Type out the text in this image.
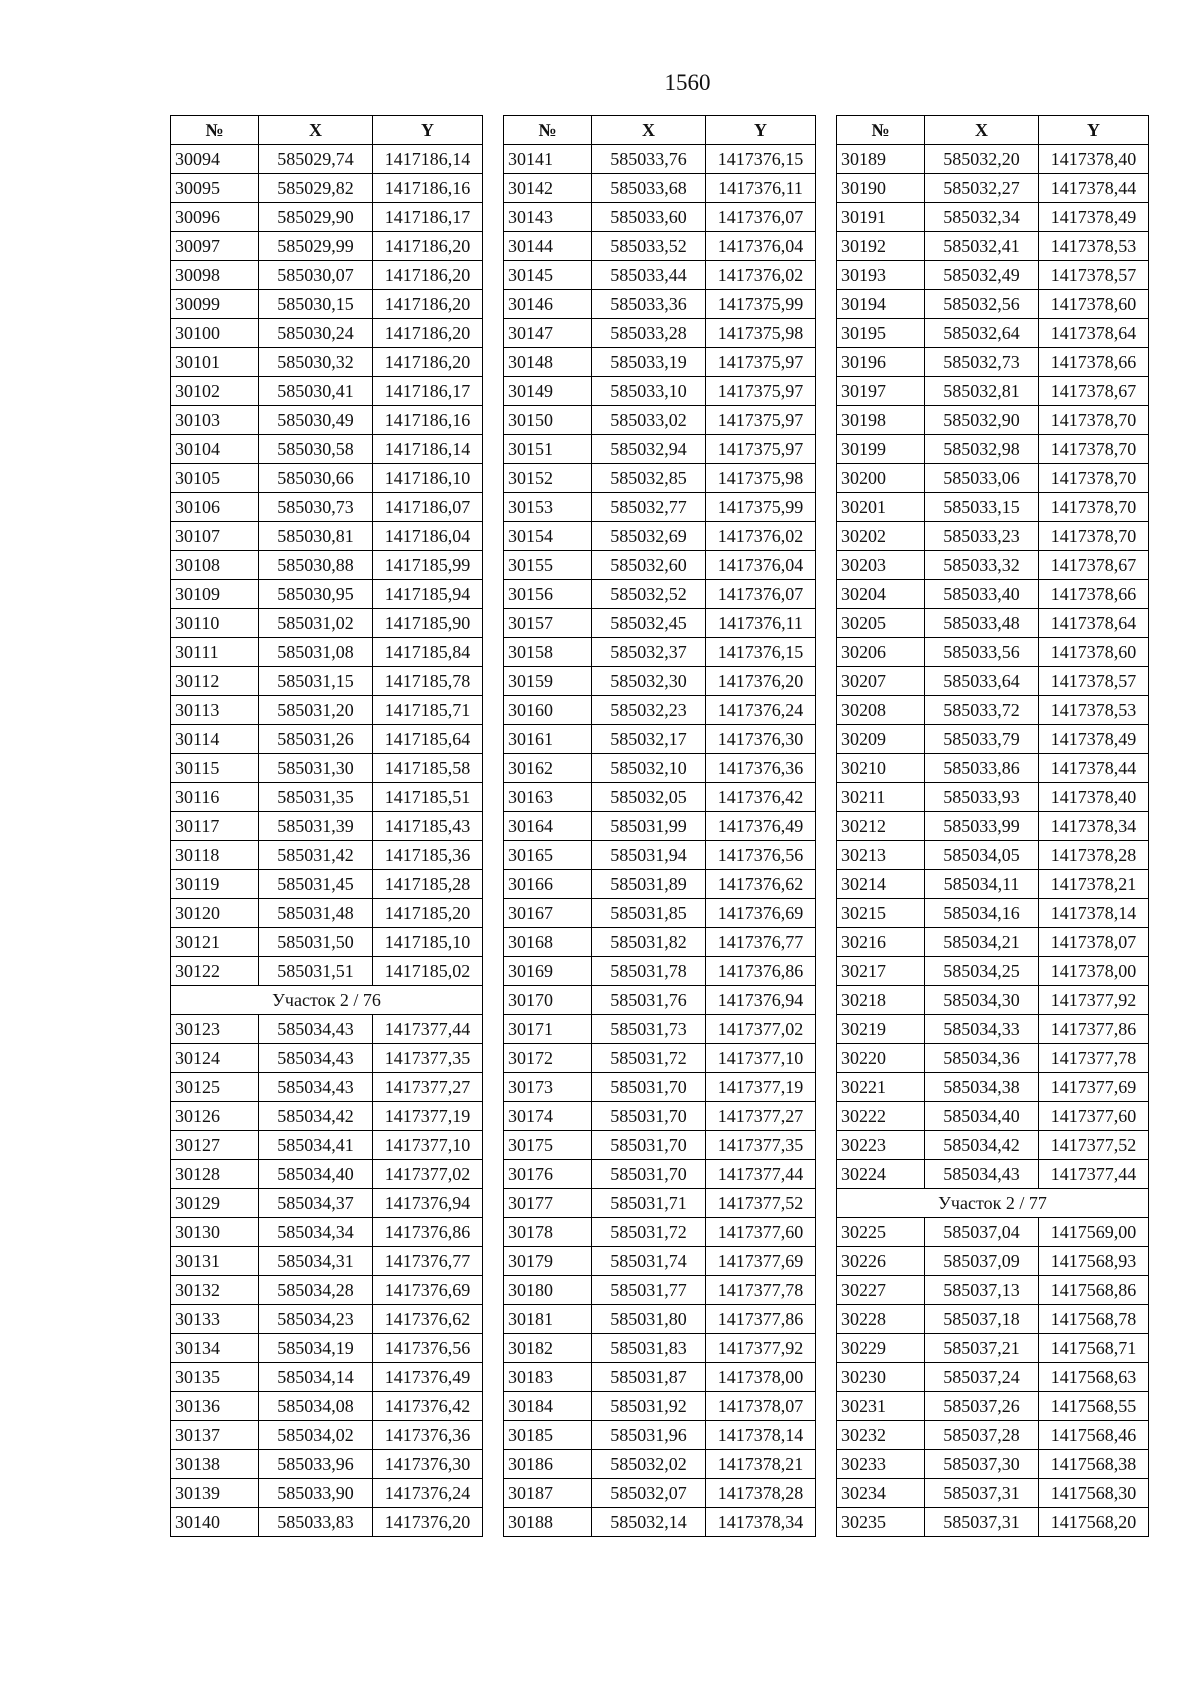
1560
№	X	Y
30094	585029,74	1417186,14
30095	585029,82	1417186,16
30096	585029,90	1417186,17
30097	585029,99	1417186,20
30098	585030,07	1417186,20
30099	585030,15	1417186,20
30100	585030,24	1417186,20
30101	585030,32	1417186,20
30102	585030,41	1417186,17
30103	585030,49	1417186,16
30104	585030,58	1417186,14
30105	585030,66	1417186,10
30106	585030,73	1417186,07
30107	585030,81	1417186,04
30108	585030,88	1417185,99
30109	585030,95	1417185,94
30110	585031,02	1417185,90
30111	585031,08	1417185,84
30112	585031,15	1417185,78
30113	585031,20	1417185,71
30114	585031,26	1417185,64
30115	585031,30	1417185,58
30116	585031,35	1417185,51
30117	585031,39	1417185,43
30118	585031,42	1417185,36
30119	585031,45	1417185,28
30120	585031,48	1417185,20
30121	585031,50	1417185,10
30122	585031,51	1417185,02
Участок 2 / 76		
30123	585034,43	1417377,44
30124	585034,43	1417377,35
30125	585034,43	1417377,27
30126	585034,42	1417377,19
30127	585034,41	1417377,10
30128	585034,40	1417377,02
30129	585034,37	1417376,94
30130	585034,34	1417376,86
30131	585034,31	1417376,77
30132	585034,28	1417376,69
30133	585034,23	1417376,62
30134	585034,19	1417376,56
30135	585034,14	1417376,49
30136	585034,08	1417376,42
30137	585034,02	1417376,36
30138	585033,96	1417376,30
30139	585033,90	1417376,24
30140	585033,83	1417376,20
№	X	Y
30141	585033,76	1417376,15
30142	585033,68	1417376,11
30143	585033,60	1417376,07
30144	585033,52	1417376,04
30145	585033,44	1417376,02
30146	585033,36	1417375,99
30147	585033,28	1417375,98
30148	585033,19	1417375,97
30149	585033,10	1417375,97
30150	585033,02	1417375,97
30151	585032,94	1417375,97
30152	585032,85	1417375,98
30153	585032,77	1417375,99
30154	585032,69	1417376,02
30155	585032,60	1417376,04
30156	585032,52	1417376,07
30157	585032,45	1417376,11
30158	585032,37	1417376,15
30159	585032,30	1417376,20
30160	585032,23	1417376,24
30161	585032,17	1417376,30
30162	585032,10	1417376,36
30163	585032,05	1417376,42
30164	585031,99	1417376,49
30165	585031,94	1417376,56
30166	585031,89	1417376,62
30167	585031,85	1417376,69
30168	585031,82	1417376,77
30169	585031,78	1417376,86
30170	585031,76	1417376,94
30171	585031,73	1417377,02
30172	585031,72	1417377,10
30173	585031,70	1417377,19
30174	585031,70	1417377,27
30175	585031,70	1417377,35
30176	585031,70	1417377,44
30177	585031,71	1417377,52
30178	585031,72	1417377,60
30179	585031,74	1417377,69
30180	585031,77	1417377,78
30181	585031,80	1417377,86
30182	585031,83	1417377,92
30183	585031,87	1417378,00
30184	585031,92	1417378,07
30185	585031,96	1417378,14
30186	585032,02	1417378,21
30187	585032,07	1417378,28
30188	585032,14	1417378,34
№	X	Y
30189	585032,20	1417378,40
30190	585032,27	1417378,44
30191	585032,34	1417378,49
30192	585032,41	1417378,53
30193	585032,49	1417378,57
30194	585032,56	1417378,60
30195	585032,64	1417378,64
30196	585032,73	1417378,66
30197	585032,81	1417378,67
30198	585032,90	1417378,70
30199	585032,98	1417378,70
30200	585033,06	1417378,70
30201	585033,15	1417378,70
30202	585033,23	1417378,70
30203	585033,32	1417378,67
30204	585033,40	1417378,66
30205	585033,48	1417378,64
30206	585033,56	1417378,60
30207	585033,64	1417378,57
30208	585033,72	1417378,53
30209	585033,79	1417378,49
30210	585033,86	1417378,44
30211	585033,93	1417378,40
30212	585033,99	1417378,34
30213	585034,05	1417378,28
30214	585034,11	1417378,21
30215	585034,16	1417378,14
30216	585034,21	1417378,07
30217	585034,25	1417378,00
30218	585034,30	1417377,92
30219	585034,33	1417377,86
30220	585034,36	1417377,78
30221	585034,38	1417377,69
30222	585034,40	1417377,60
30223	585034,42	1417377,52
30224	585034,43	1417377,44
Участок 2 / 77		
30225	585037,04	1417569,00
30226	585037,09	1417568,93
30227	585037,13	1417568,86
30228	585037,18	1417568,78
30229	585037,21	1417568,71
30230	585037,24	1417568,63
30231	585037,26	1417568,55
30232	585037,28	1417568,46
30233	585037,30	1417568,38
30234	585037,31	1417568,30
30235	585037,31	1417568,20
